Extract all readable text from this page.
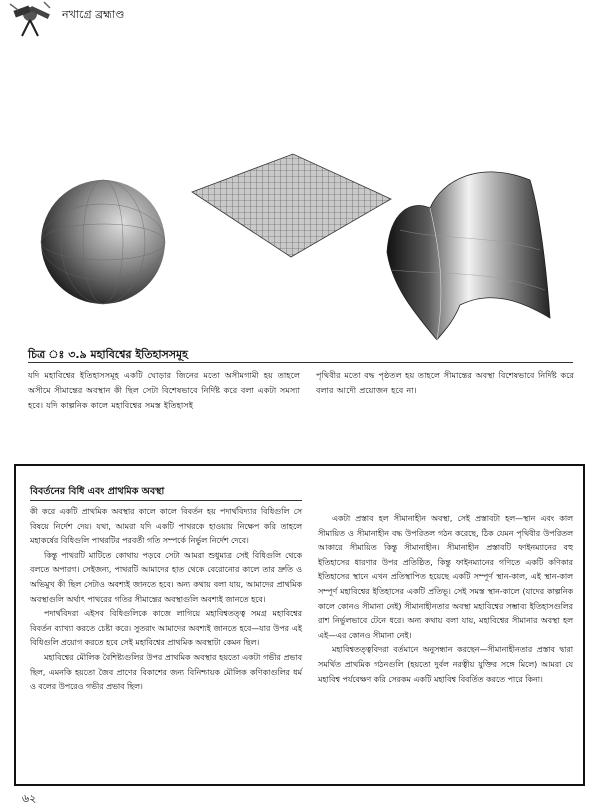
নখাগ্রে ব্রহ্মাণ্ড
চিত্র ঃ ৩.৯ মহাবিশ্বের ইতিহাসসমূহ
যদি মহাবিশ্বের ইতিহাসসমূহ একটি ঘোড়ার জিনের মতো অসীমগামী হয় তাহলে অসীমে সীমান্তের অবস্থান কী ছিল সেটা বিশেষভাবে নির্দিষ্ট করে বলা একটা সমস্যা হবে। যদি কাল্পনিক কালে মহাবিশ্বের সমস্ত ইতিহাসই
পৃথিবীর মতো বদ্ধ পৃষ্ঠতল হয় তাহলে সীমান্তের অবস্থা বিশেষভাবে নির্দিষ্ট করে বলার আদৌ প্রয়োজন হবে না।
বিবর্তনের বিধি এবং প্রাথমিক অবস্থা

কী করে একটি প্রাথমিক অবস্থার কালে কালে বিবর্তন হয় পদার্থবিদ্যার বিধিগুলি সে বিষয়ে নির্দেশ দেয়। যথা, আমরা যদি একটি পাথরকে হাওয়ায় নিক্ষেপ করি তাহলে মহাকর্ষের বিধিগুলি পাথরটির পরবর্তী গতি সম্পর্কে নির্ভুল নির্দেশ দেবে।

কিন্তু পাথরটি মাটিতে কোথায় পড়বে সেটা আমরা শুধুমাত্র সেই বিধিগুলি থেকে বলতে অপারগ। সেইজন্য, পাথরটি আমাদের হাত থেকে বেরোনোর কালে তার দ্রুতি ও অভিমুখ কী ছিল সেটাও অবশ্যই জানতে হবে। অন্য কথায় বলা যায়, আমাদের প্রাথমিক অবস্থাগুলি অর্থাৎ পাথরের গতির সীমান্তের অবস্থাগুলি অবশ্যই জানতে হবে।

পদার্থবিদরা এইসব বিধিগুলিকে কাজে লাগিয়ে মহাবিশ্বতত্ত্ব সমগ্র মহাবিশ্বের বিবর্তন ব্যাখ্যা করতে চেষ্টা করে। সুতরাং আমাদের অবশ্যই জানতে হবে—যার উপর এই বিধিগুলি প্রয়োগ করতে হবে সেই মহাবিশ্বের প্রাথমিক অবস্থাটা কেমন ছিল।

মহাবিশ্বের মৌলিক বৈশিষ্ট্যগুলির উপর প্রাথমিক অবস্থার হয়তো একটা গভীর প্রভাব ছিল, এমনকি হয়তো জৈব প্রাণের বিকাশের জন্য বিনিশ্চায়ক মৌলিক কণিকাগুলির ধর্ম ও বলের উপরেও গভীর প্রভাব ছিল।

একটা প্রস্তাব হল সীমানাহীন অবস্থা, সেই প্রস্তাবটা হল—স্থান এবং কাল সীমায়িত ও সীমানাহীন বদ্ধ উপরিতল গঠন করেছে, ঠিক যেমন পৃথিবীর উপরিতল আকারে সীমায়িত কিন্তু সীমানাহীন। সীমানাহীন প্রস্তাবটি ফাইনম্যানের বহু ইতিহাসের ধারণার উপর প্রতিষ্ঠিত, কিন্তু ফাইনম্যানের গণিতে একটি কণিকার ইতিহাসের স্থানে এখন প্রতিস্থাপিত হয়েছে একটি সম্পূর্ণ স্থান-কাল, এই স্থান-কাল সম্পূর্ণ মহাবিশ্বের ইতিহাসের একটি প্রতিভূ। সেই সমস্ত স্থান-কালে (যাদের কাল্পনিক কালে কোনও সীমানা নেই) সীমানাহীনতার অবস্থা মহাবিশ্বের সম্ভাব্য ইতিহাসগুলির রাশ নির্ভুলভাবে টেনে ধরে। অন্য কথায় বলা যায়, মহাবিশ্বের সীমানার অবস্থা হল এই—এর কোনও সীমানা নেই।

মহাবিশ্বতত্ত্ববিদরা বর্তমানে অনুসন্ধান করছেন—সীমানাহীনতার প্রস্তাব দ্বারা সমর্থিত প্রাথমিক গঠনগুলি (হয়তো দুর্বল নরত্বীয় যুক্তির সঙ্গে মিলে) আমরা যে মহাবিশ্ব পর্যবেক্ষণ করি সেরকম একটি মহাবিশ্ব বিবর্তিত করতে পারে কিনা।

৬২
